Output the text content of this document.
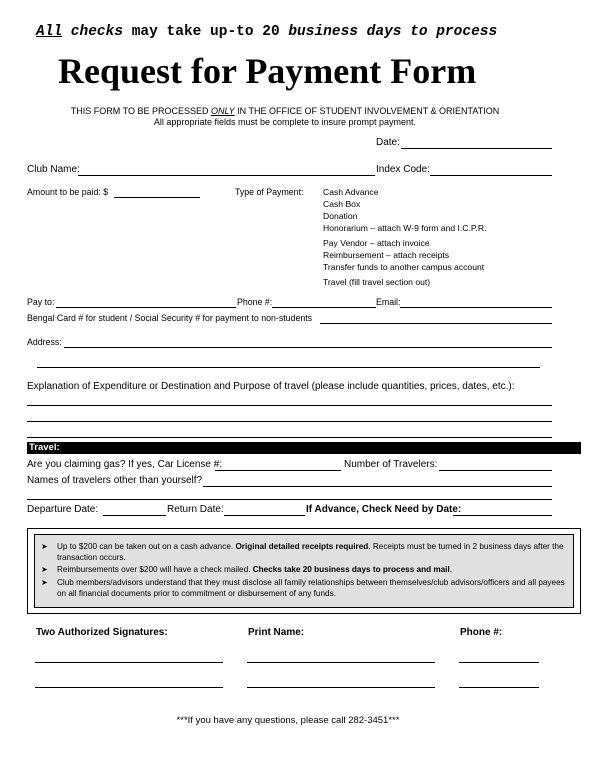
All checks may take up-to 20 business days to process
Request for Payment Form
THIS FORM TO BE PROCESSED ONLY IN THE OFFICE OF STUDENT INVOLVEMENT & ORIENTATION
All appropriate fields must be complete to insure prompt payment.
Date:
Club Name:	Index Code:
Amount to be paid: $	Type of Payment: Cash Advance
Cash Box
Donation
Honorarium – attach W-9 form and I.C.P.R.
Pay Vendor – attach invoice
Reimbursement – attach receipts
Transfer funds to another campus account
Travel (fill travel section out)
Pay to:	Phone #:	Email:
Bengal Card # for student / Social Security # for payment to non-students
Address:
Explanation of Expenditure or Destination and Purpose of travel (please include quantities, prices, dates, etc.):
Travel:
Are you claiming gas? If yes, Car License #:	Number of Travelers:
Names of travelers other than yourself?
Departure Date:	Return Date:	If Advance, Check Need by Date:
➤ Up to $200 can be taken out on a cash advance. Original detailed receipts required. Receipts must be turned in 2 business days after the transaction occurs.
➤ Reimbursements over $200 will have a check mailed. Checks take 20 business days to process and mail.
➤ Club members/advisors understand that they must disclose all family relationships between themselves/club advisors/officers and all payees on all financial documents prior to commitment or disbursement of any funds.
Two Authorized Signatures:	Print Name:	Phone #:
***If you have any questions, please call 282-3451***
